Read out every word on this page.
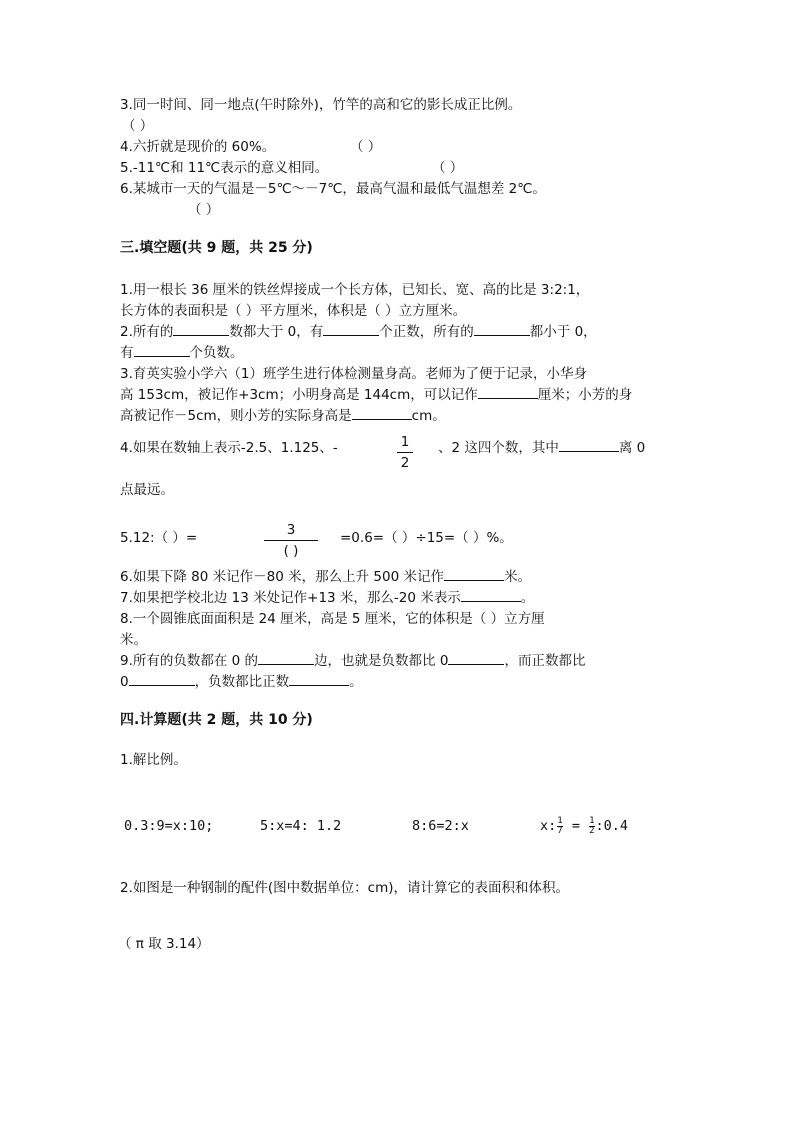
3.同一时间、同一地点(午时除外)，竹竿的高和它的影长成正比例。
（ ）
4.六折就是现价的 60%。	（ ）
5.-11℃和 11℃表示的意义相同。	（ ）
6.某城市一天的气温是－5℃～－7℃，最高气温和最低气温想差 2℃。
（ ）
三.填空题(共 9 题，共 25 分)
1.用一根长 36 厘米的铁丝焊接成一个长方体，已知长、宽、高的比是 3:2:1，
长方体的表面积是（ ）平方厘米，体积是（ ）立方厘米。
2.所有的	数都大于 0，有	个正数，所有的	都小于 0，
有	个负数。
3.育英实验小学六（1）班学生进行体检测量身高。老师为了便于记录，小华身
高 153cm，被记作+3cm；小明身高是 144cm，可以记作	厘米；小芳的身
高被记作－5cm，则小芳的实际身高是	cm。
4.如果在数轴上表示-2.5、1.125、-	1
2
、2 这四个数，其中	离 0
点最远。
5.12:（ ）=	3
( )
=0.6=（ ）÷15=（ ）%。
6.如果下降 80 米记作－80 米，那么上升 500 米记作	米。
7.如果把学校北边 13 米处记作+13 米，那么-20 米表示	。
8.一个圆锥底面面积是 24 厘米，高是 5 厘米，它的体积是（ ）立方厘
米。
9.所有的负数都在 0 的	边，也就是负数都比 0	，而正数都比
0	，负数都比正数	。
四.计算题(共 2 题，共 10 分)
1.解比例。
0.3:9=x:10;	5:x=4: 1.2	8:6=2:x	x: $\frac{1}{7} = \frac{1}{2}$ :0.4
2.如图是一种钢制的配件(图中数据单位：cm)，请计算它的表面积和体积。
（ π 取 3.14）
